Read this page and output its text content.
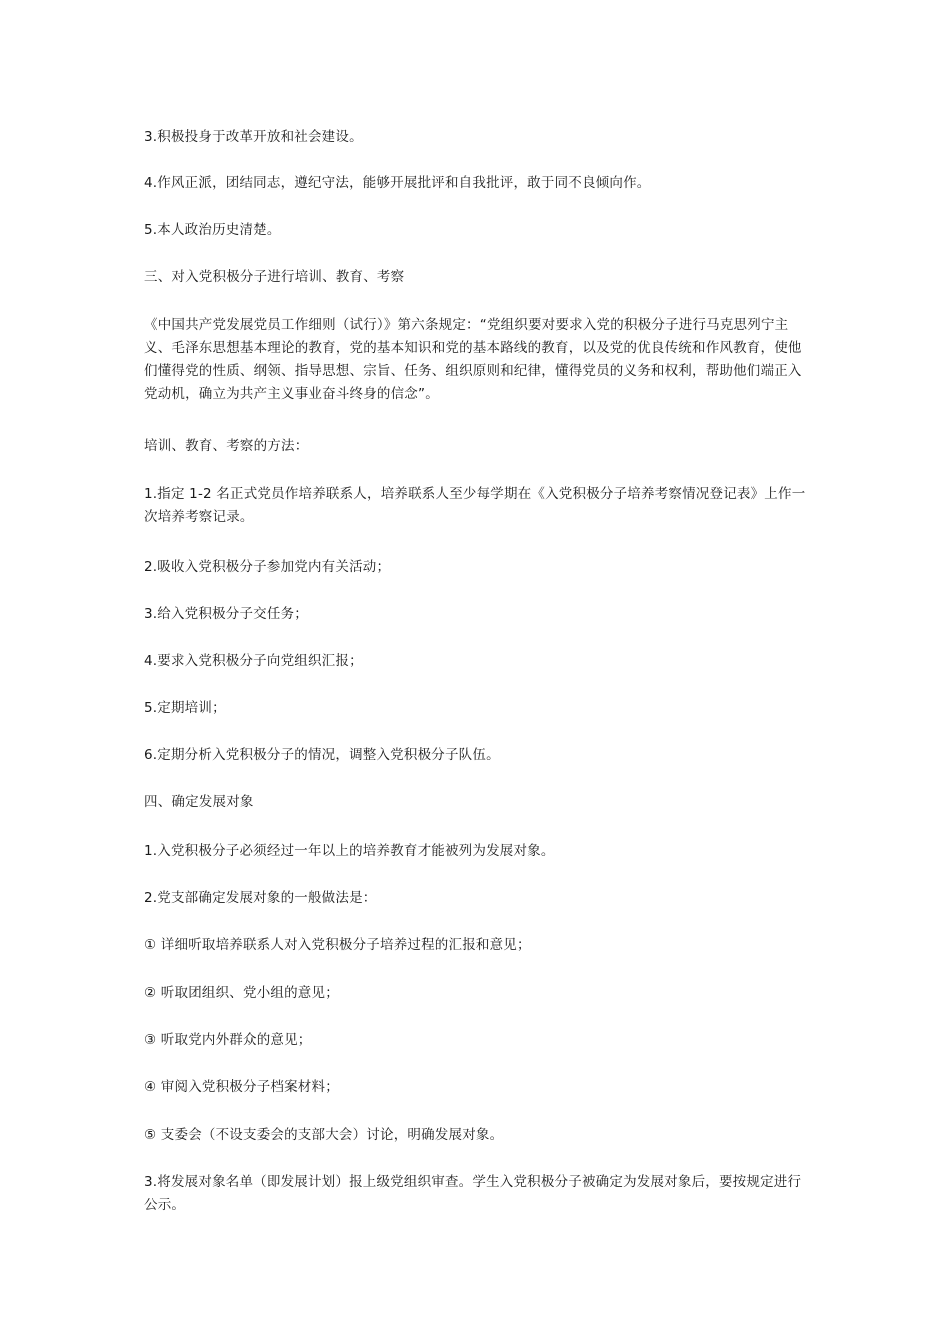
3.积极投身于改革开放和社会建设。

4.作风正派，团结同志，遵纪守法，能够开展批评和自我批评，敢于同不良倾向作。

5.本人政治历史清楚。

三、对入党积极分子进行培训、教育、考察

《中国共产党发展党员工作细则（试行）》第六条规定：“党组织要对要求入党的积极分子进行马克思列宁主义、毛泽东思想基本理论的教育，党的基本知识和党的基本路线的教育，以及党的优良传统和作风教育，使他们懂得党的性质、纲领、指导思想、宗旨、任务、组织原则和纪律，懂得党员的义务和权利，帮助他们端正入党动机，确立为共产主义事业奋斗终身的信念”。

培训、教育、考察的方法：

1.指定 1-2 名正式党员作培养联系人，培养联系人至少每学期在《入党积极分子培养考察情况登记表》上作一次培养考察记录。

2.吸收入党积极分子参加党内有关活动；

3.给入党积极分子交任务；

4.要求入党积极分子向党组织汇报；

5.定期培训；

6.定期分析入党积极分子的情况，调整入党积极分子队伍。

四、确定发展对象

1.入党积极分子必须经过一年以上的培养教育才能被列为发展对象。

2.党支部确定发展对象的一般做法是：

① 详细听取培养联系人对入党积极分子培养过程的汇报和意见；

② 听取团组织、党小组的意见；

③ 听取党内外群众的意见；

④ 审阅入党积极分子档案材料；

⑤ 支委会（不设支委会的支部大会）讨论，明确发展对象。

3.将发展对象名单（即发展计划）报上级党组织审查。学生入党积极分子被确定为发展对象后，要按规定进行公示。
